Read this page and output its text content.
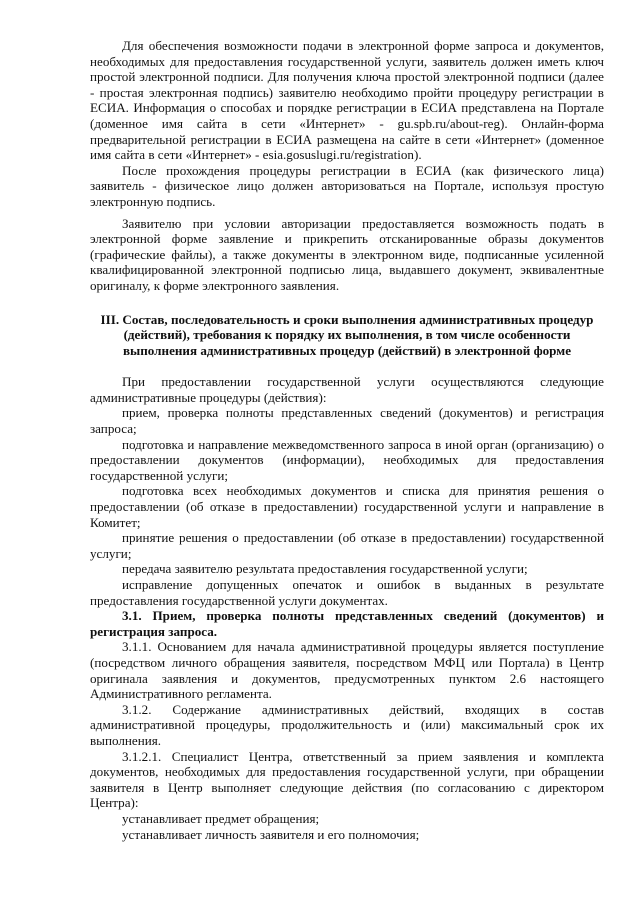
Для обеспечения возможности подачи в электронной форме запроса и документов, необходимых для предоставления государственной услуги, заявитель должен иметь ключ простой электронной подписи. Для получения ключа простой электронной подписи (далее - простая электронная подпись) заявителю необходимо пройти процедуру регистрации в ЕСИА. Информация о способах и порядке регистрации в ЕСИА представлена на Портале (доменное имя сайта в сети «Интернет» - gu.spb.ru/about-reg). Онлайн-форма предварительной регистрации в ЕСИА размещена на сайте в сети «Интернет» (доменное имя сайта в сети «Интернет» - esia.gosuslugi.ru/registration).

После прохождения процедуры регистрации в ЕСИА (как физического лица) заявитель - физическое лицо должен авторизоваться на Портале, используя простую электронную подпись.

Заявителю при условии авторизации предоставляется возможность подать в электронной форме заявление и прикрепить отсканированные образы документов (графические файлы), а также документы в электронном виде, подписанные усиленной квалифицированной электронной подписью лица, выдавшего документ, эквивалентные оригиналу, к форме электронного заявления.

III. Состав, последовательность и сроки выполнения административных процедур (действий), требования к порядку их выполнения, в том числе особенности выполнения административных процедур (действий) в электронной форме

При предоставлении государственной услуги осуществляются следующие административные процедуры (действия):

прием, проверка полноты представленных сведений (документов) и регистрация запроса;

подготовка и направление межведомственного запроса в иной орган (организацию) о предоставлении документов (информации), необходимых для предоставления государственной услуги;

подготовка всех необходимых документов и списка для принятия решения о предоставлении (об отказе в предоставлении) государственной услуги и направление в Комитет;

принятие решения о предоставлении (об отказе в предоставлении) государственной услуги;

передача заявителю результата предоставления государственной услуги;

исправление допущенных опечаток и ошибок в выданных в результате предоставления государственной услуги документах.

3.1. Прием, проверка полноты представленных сведений (документов) и регистрация запроса.

3.1.1. Основанием для начала административной процедуры является поступление (посредством личного обращения заявителя, посредством МФЦ или Портала) в Центр оригинала заявления и документов, предусмотренных пунктом 2.6 настоящего Административного регламента.

3.1.2. Содержание административных действий, входящих в состав административной процедуры, продолжительность и (или) максимальный срок их выполнения.

3.1.2.1. Специалист Центра, ответственный за прием заявления и комплекта документов, необходимых для предоставления государственной услуги, при обращении заявителя в Центр выполняет следующие действия (по согласованию с директором Центра):

устанавливает предмет обращения;

устанавливает личность заявителя и его полномочия;
